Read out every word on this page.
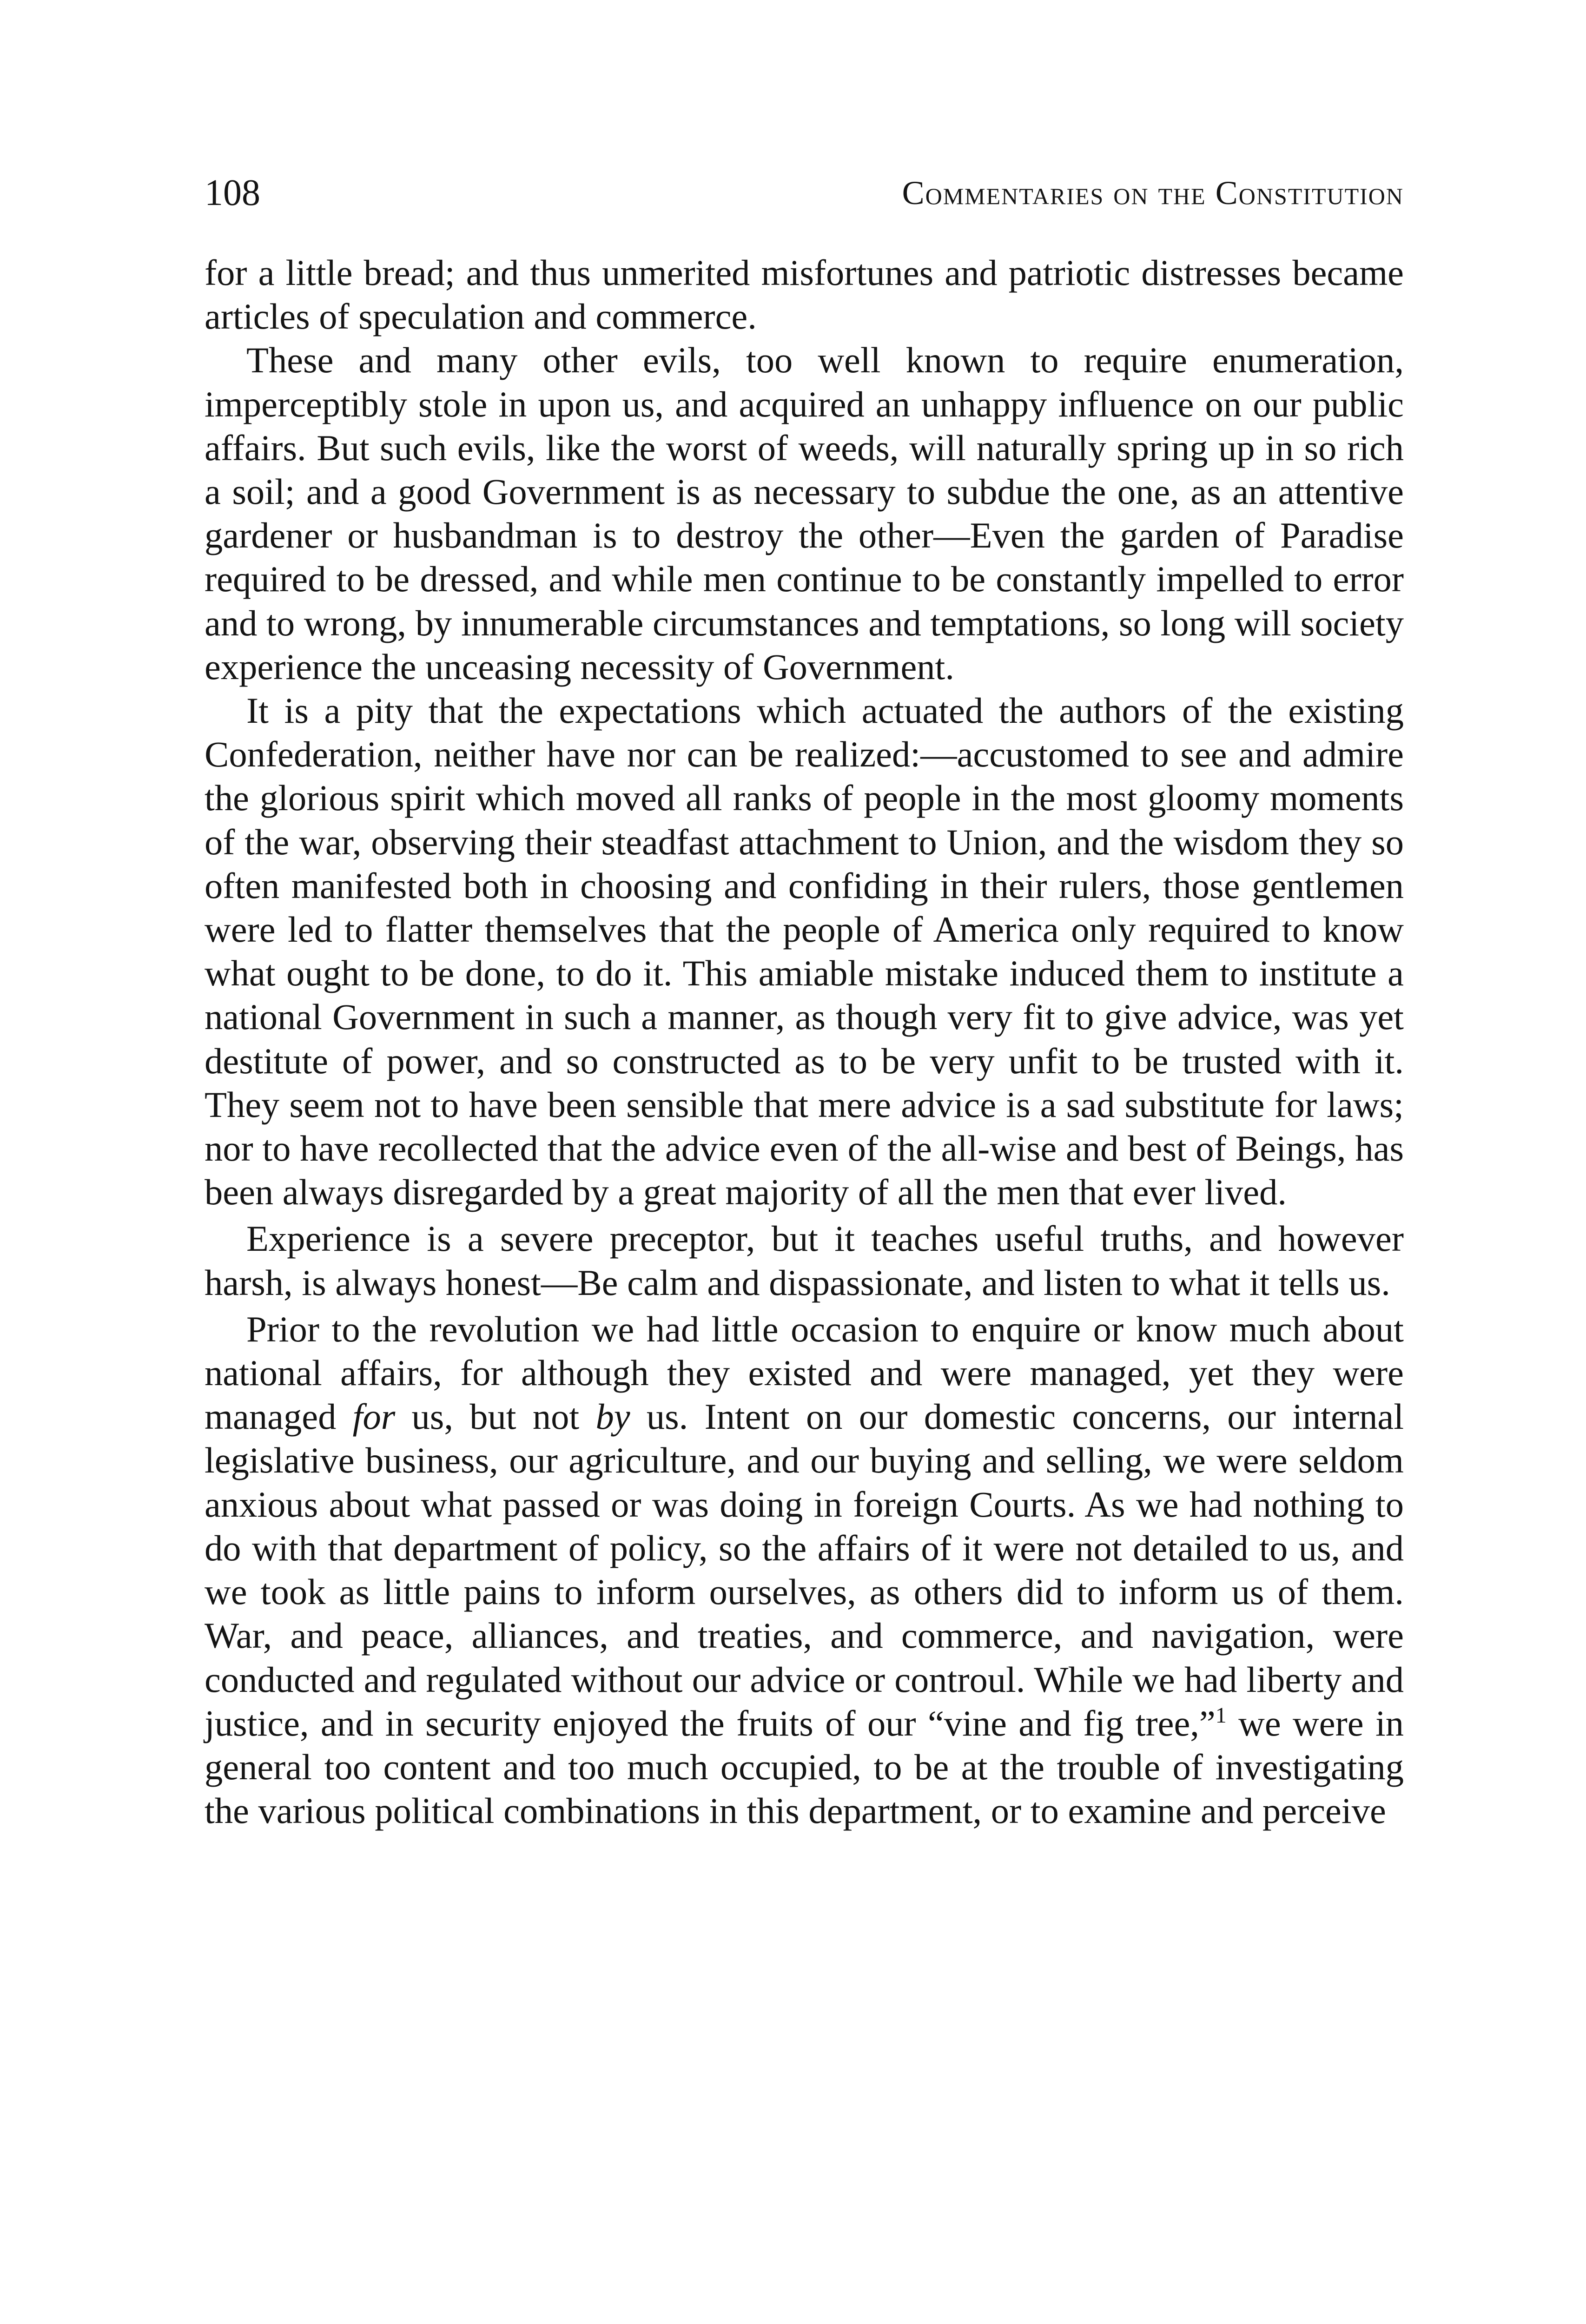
108	Commentaries on the Constitution

for a little bread; and thus unmerited misfortunes and patriotic distresses became articles of speculation and commerce.

These and many other evils, too well known to require enumeration, imperceptibly stole in upon us, and acquired an unhappy influence on our public affairs. But such evils, like the worst of weeds, will naturally spring up in so rich a soil; and a good Government is as necessary to subdue the one, as an attentive gardener or husbandman is to destroy the other—Even the garden of Paradise required to be dressed, and while men continue to be constantly impelled to error and to wrong, by innumerable circumstances and temptations, so long will society experience the unceasing necessity of Government.

It is a pity that the expectations which actuated the authors of the existing Confederation, neither have nor can be realized:—accustomed to see and admire the glorious spirit which moved all ranks of people in the most gloomy moments of the war, observing their steadfast attachment to Union, and the wisdom they so often manifested both in choosing and confiding in their rulers, those gentlemen were led to flatter themselves that the people of America only required to know what ought to be done, to do it. This amiable mistake induced them to institute a national Government in such a manner, as though very fit to give advice, was yet destitute of power, and so constructed as to be very unfit to be trusted with it. They seem not to have been sensible that mere advice is a sad substitute for laws; nor to have recollected that the advice even of the all-wise and best of Beings, has been always disregarded by a great majority of all the men that ever lived.

Experience is a severe preceptor, but it teaches useful truths, and however harsh, is always honest—Be calm and dispassionate, and listen to what it tells us.

Prior to the revolution we had little occasion to enquire or know much about national affairs, for although they existed and were managed, yet they were managed for us, but not by us. Intent on our domestic concerns, our internal legislative business, our agriculture, and our buying and selling, we were seldom anxious about what passed or was doing in foreign Courts. As we had nothing to do with that department of policy, so the affairs of it were not detailed to us, and we took as little pains to inform ourselves, as others did to inform us of them. War, and peace, alliances, and treaties, and commerce, and navigation, were conducted and regulated without our advice or controul. While we had liberty and justice, and in security enjoyed the fruits of our “vine and fig tree,”$^1$ we were in general too content and too much occupied, to be at the trouble of investigating the various political combinations in this department, or to examine and perceive
